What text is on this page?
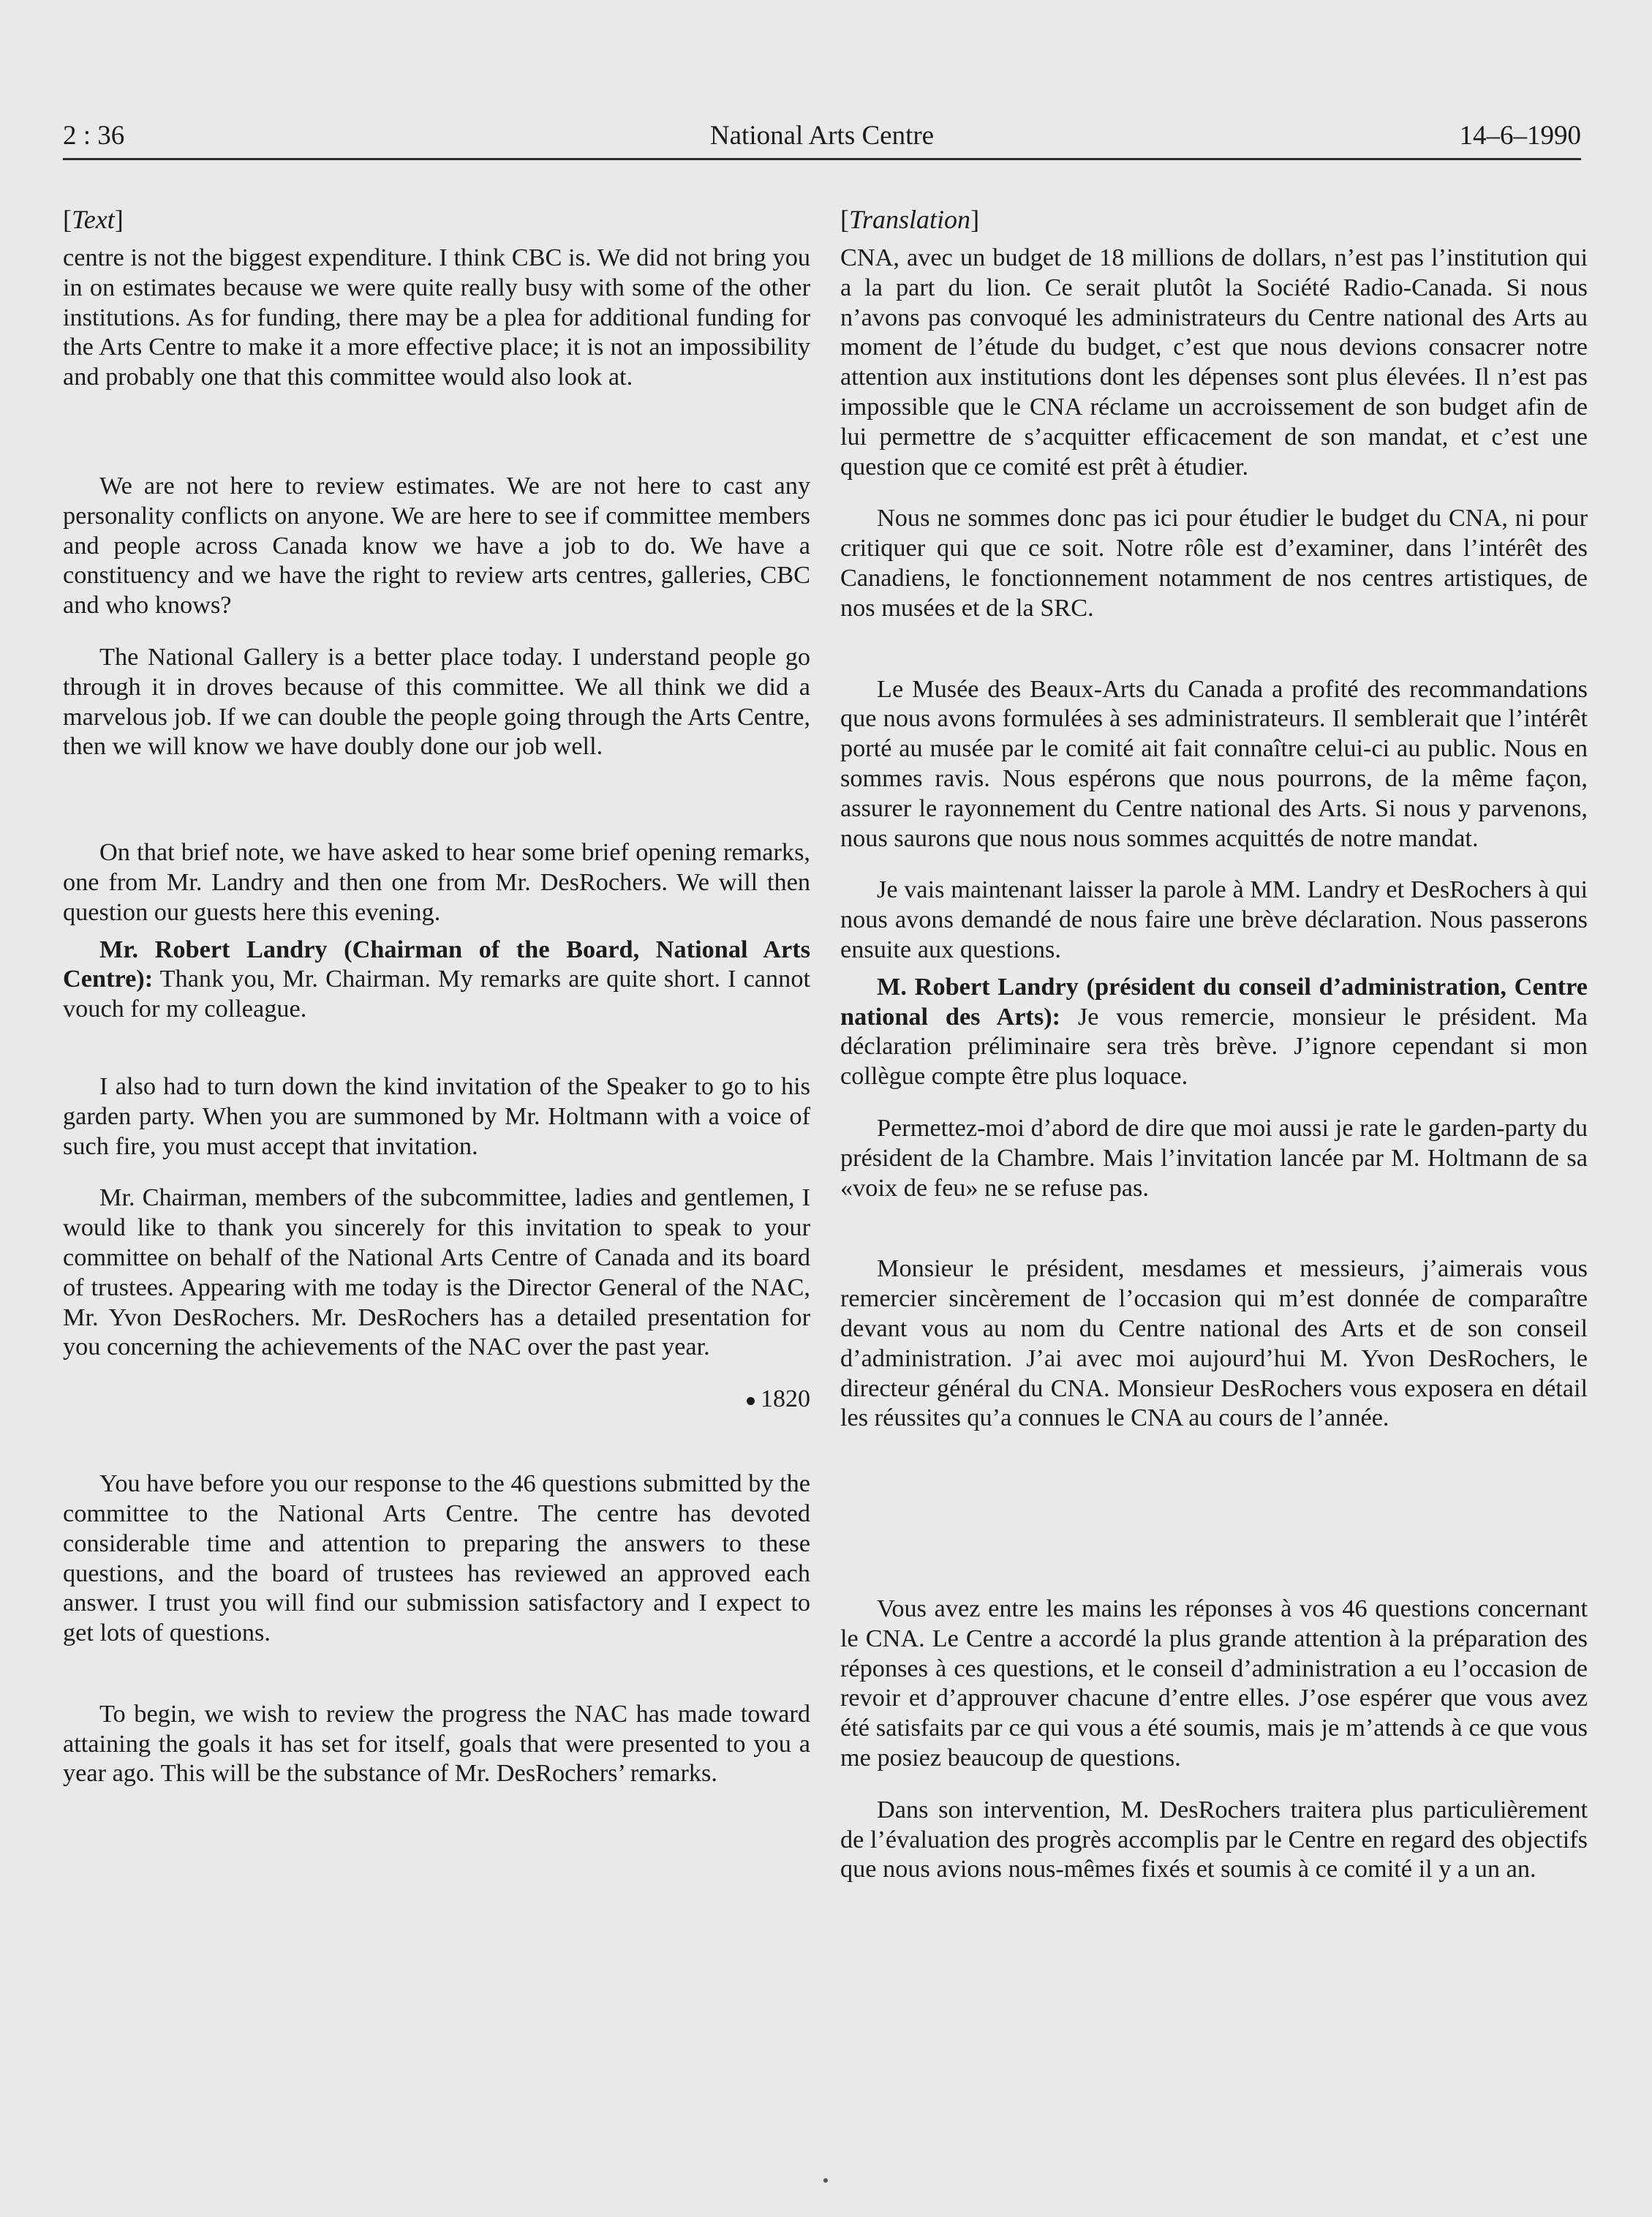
2 : 36	National Arts Centre	14–6–1990
[Text]

centre is not the biggest expenditure. I think CBC is. We did not bring you in on estimates because we were quite really busy with some of the other institutions. As for funding, there may be a plea for additional funding for the Arts Centre to make it a more effective place; it is not an impossibility and probably one that this committee would also look at.

We are not here to review estimates. We are not here to cast any personality conflicts on anyone. We are here to see if committee members and people across Canada know we have a job to do. We have a constituency and we have the right to review arts centres, galleries, CBC and who knows?

The National Gallery is a better place today. I understand people go through it in droves because of this committee. We all think we did a marvelous job. If we can double the people going through the Arts Centre, then we will know we have doubly done our job well.

On that brief note, we have asked to hear some brief opening remarks, one from Mr. Landry and then one from Mr. DesRochers. We will then question our guests here this evening.

Mr. Robert Landry (Chairman of the Board, National Arts Centre): Thank you, Mr. Chairman. My remarks are quite short. I cannot vouch for my colleague.

I also had to turn down the kind invitation of the Speaker to go to his garden party. When you are summoned by Mr. Holtmann with a voice of such fire, you must accept that invitation.

Mr. Chairman, members of the subcommittee, ladies and gentlemen, I would like to thank you sincerely for this invitation to speak to your committee on behalf of the National Arts Centre of Canada and its board of trustees. Appearing with me today is the Director General of the NAC, Mr. Yvon DesRochers. Mr. DesRochers has a detailed presentation for you concerning the achievements of the NAC over the past year.

1820

You have before you our response to the 46 questions submitted by the committee to the National Arts Centre. The centre has devoted considerable time and attention to preparing the answers to these questions, and the board of trustees has reviewed an approved each answer. I trust you will find our submission satisfactory and I expect to get lots of questions.

To begin, we wish to review the progress the NAC has made toward attaining the goals it has set for itself, goals that were presented to you a year ago. This will be the substance of Mr. DesRochers’ remarks.

[Translation]

CNA, avec un budget de 18 millions de dollars, n’est pas l’institution qui a la part du lion. Ce serait plutôt la Société Radio-Canada. Si nous n’avons pas convoqué les administrateurs du Centre national des Arts au moment de l’étude du budget, c’est que nous devions consacrer notre attention aux institutions dont les dépenses sont plus élevées. Il n’est pas impossible que le CNA réclame un accroissement de son budget afin de lui permettre de s’acquitter efficacement de son mandat, et c’est une question que ce comité est prêt à étudier.

Nous ne sommes donc pas ici pour étudier le budget du CNA, ni pour critiquer qui que ce soit. Notre rôle est d’examiner, dans l’intérêt des Canadiens, le fonctionnement notamment de nos centres artistiques, de nos musées et de la SRC.

Le Musée des Beaux-Arts du Canada a profité des recommandations que nous avons formulées à ses administrateurs. Il semblerait que l’intérêt porté au musée par le comité ait fait connaître celui-ci au public. Nous en sommes ravis. Nous espérons que nous pourrons, de la même façon, assurer le rayonnement du Centre national des Arts. Si nous y parvenons, nous saurons que nous nous sommes acquittés de notre mandat.

Je vais maintenant laisser la parole à MM. Landry et DesRochers à qui nous avons demandé de nous faire une brève déclaration. Nous passerons ensuite aux questions.

M. Robert Landry (président du conseil d’administration, Centre national des Arts): Je vous remercie, monsieur le président. Ma déclaration préliminaire sera très brève. J’ignore cependant si mon collègue compte être plus loquace.

Permettez-moi d’abord de dire que moi aussi je rate le garden-party du président de la Chambre. Mais l’invitation lancée par M. Holtmann de sa «voix de feu» ne se refuse pas.

Monsieur le président, mesdames et messieurs, j’aimerais vous remercier sincèrement de l’occasion qui m’est donnée de comparaître devant vous au nom du Centre national des Arts et de son conseil d’administration. J’ai avec moi aujourd’hui M. Yvon DesRochers, le directeur général du CNA. Monsieur DesRochers vous exposera en détail les réussites qu’a connues le CNA au cours de l’année.

Vous avez entre les mains les réponses à vos 46 questions concernant le CNA. Le Centre a accordé la plus grande attention à la préparation des réponses à ces questions, et le conseil d’administration a eu l’occasion de revoir et d’approuver chacune d’entre elles. J’ose espérer que vous avez été satisfaits par ce qui vous a été soumis, mais je m’attends à ce que vous me posiez beaucoup de questions.

Dans son intervention, M. DesRochers traitera plus particulièrement de l’évaluation des progrès accomplis par le Centre en regard des objectifs que nous avions nous-mêmes fixés et soumis à ce comité il y a un an.
